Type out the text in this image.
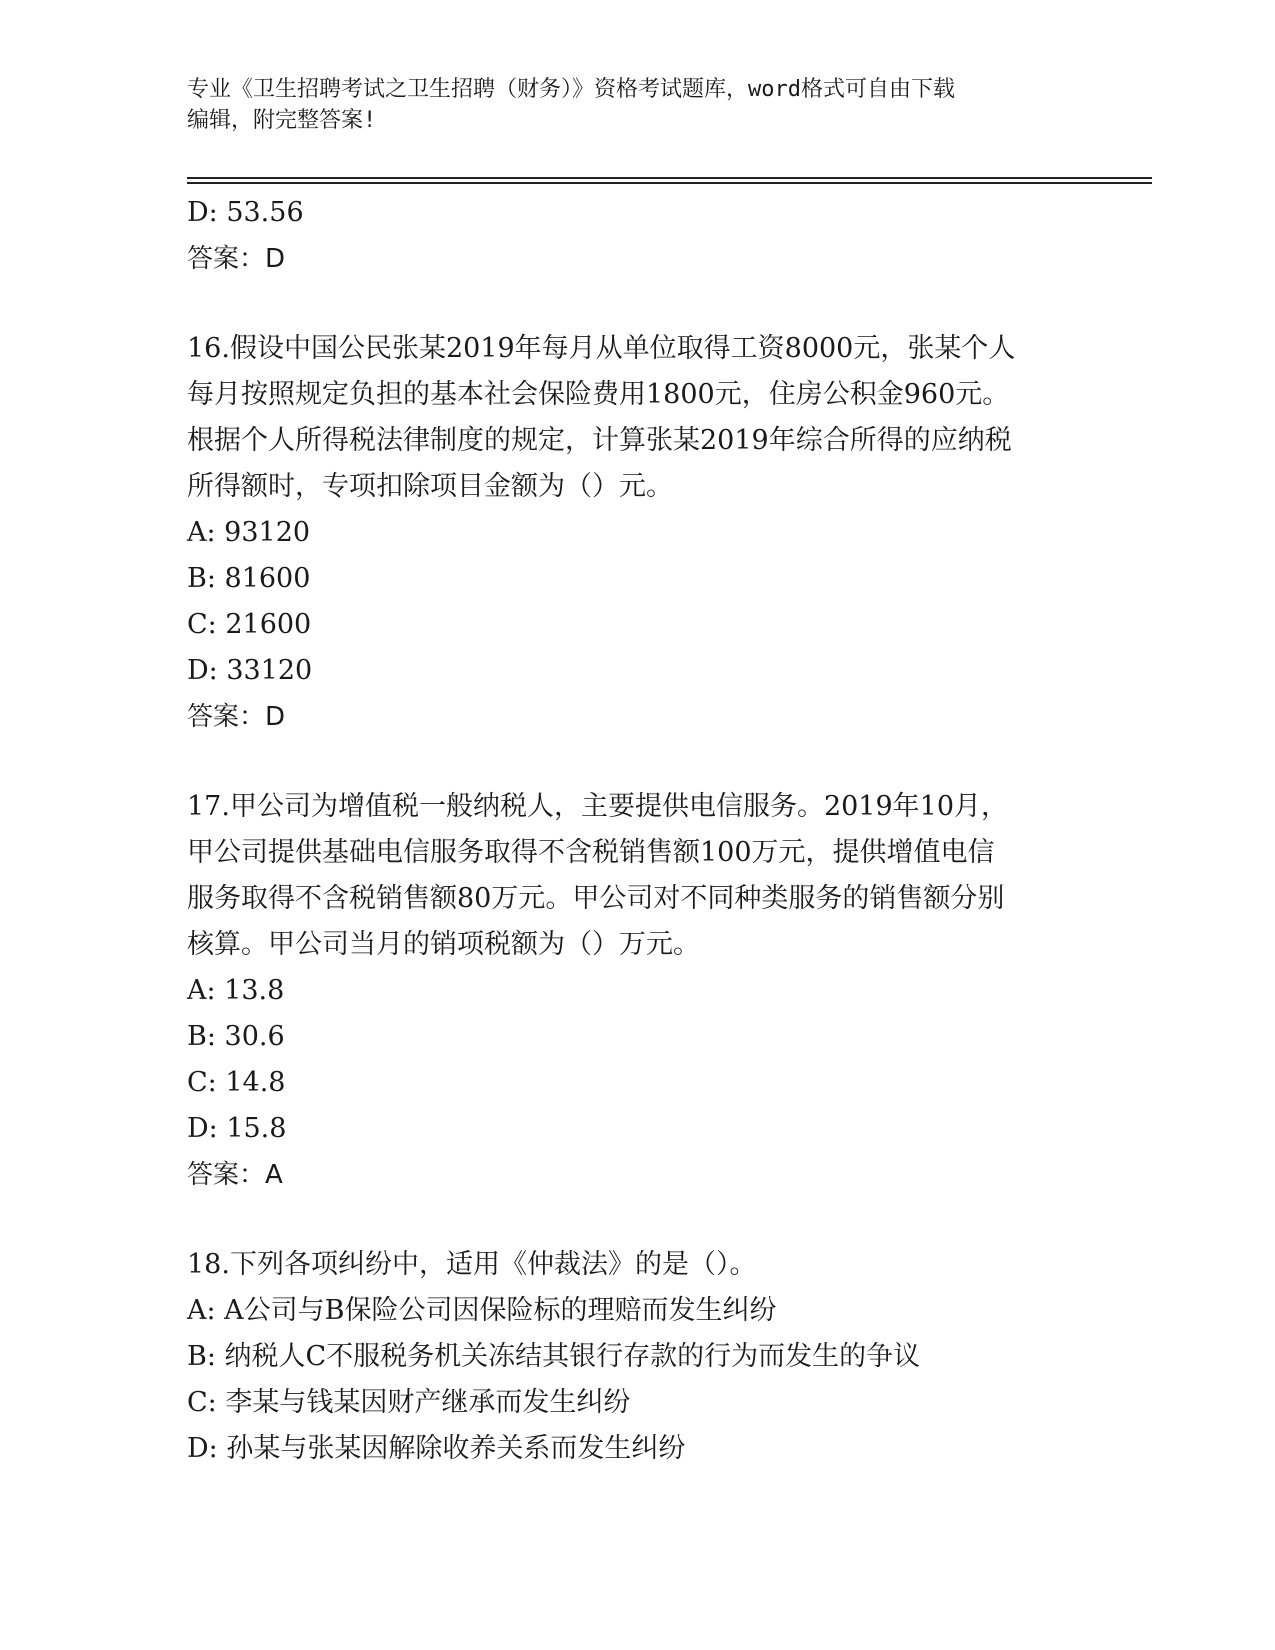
专业《卫生招聘考试之卫生招聘（财务）》资格考试题库，word格式可自由下载
编辑，附完整答案!
D: 53.56
答案：D
16.假设中国公民张某2019年每月从单位取得工资8000元，张某个人
每月按照规定负担的基本社会保险费用1800元，住房公积金960元。
根据个人所得税法律制度的规定，计算张某2019年综合所得的应纳税
所得额时，专项扣除项目金额为（）元。
A: 93120
B: 81600
C: 21600
D: 33120
答案：D
17.甲公司为增值税一般纳税人，主要提供电信服务。2019年10月，
甲公司提供基础电信服务取得不含税销售额100万元，提供增值电信
服务取得不含税销售额80万元。甲公司对不同种类服务的销售额分别
核算。甲公司当月的销项税额为（）万元。
A: 13.8
B: 30.6
C: 14.8
D: 15.8
答案：A
18.下列各项纠纷中，适用《仲裁法》的是（）。
A: A公司与B保险公司因保险标的理赔而发生纠纷
B: 纳税人C不服税务机关冻结其银行存款的行为而发生的争议
C: 李某与钱某因财产继承而发生纠纷
D: 孙某与张某因解除收养关系而发生纠纷
